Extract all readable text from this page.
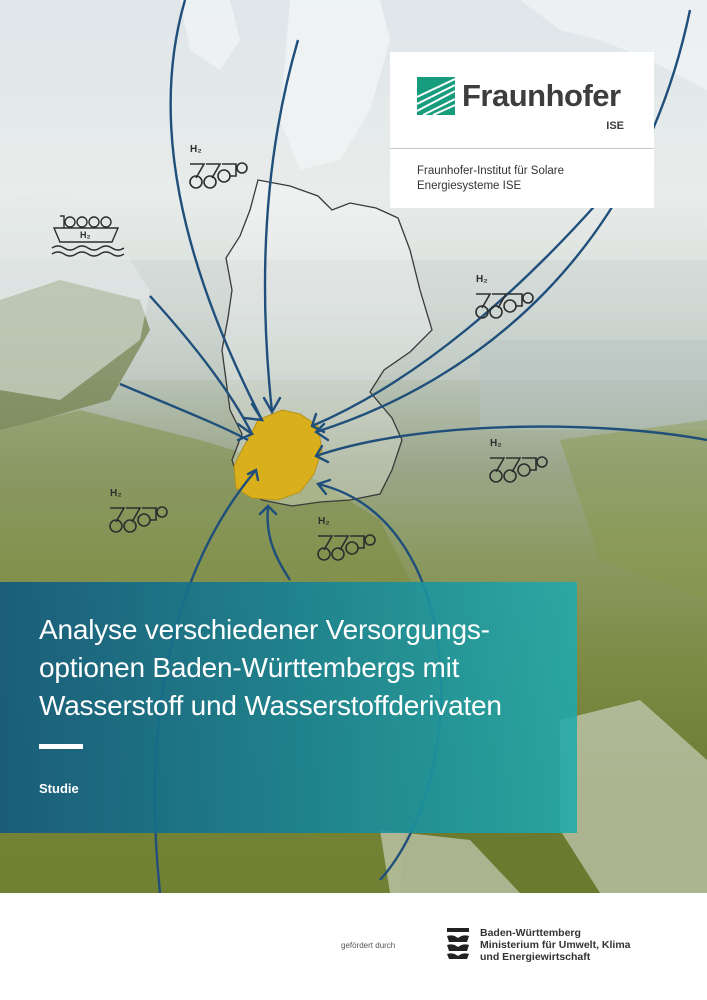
H₂
H₂
H₂
H₂
H₂
H₂
Fraunhofer
ISE
Fraunhofer-Institut für Solare
Energiesysteme ISE
Analyse verschiedener Versorgungs-
optionen Baden-Württembergs mit
Wasserstoff und Wasserstoffderivaten
Studie
gefördert durch
Baden-Württemberg
Ministerium für Umwelt, Klima
und Energiewirtschaft
